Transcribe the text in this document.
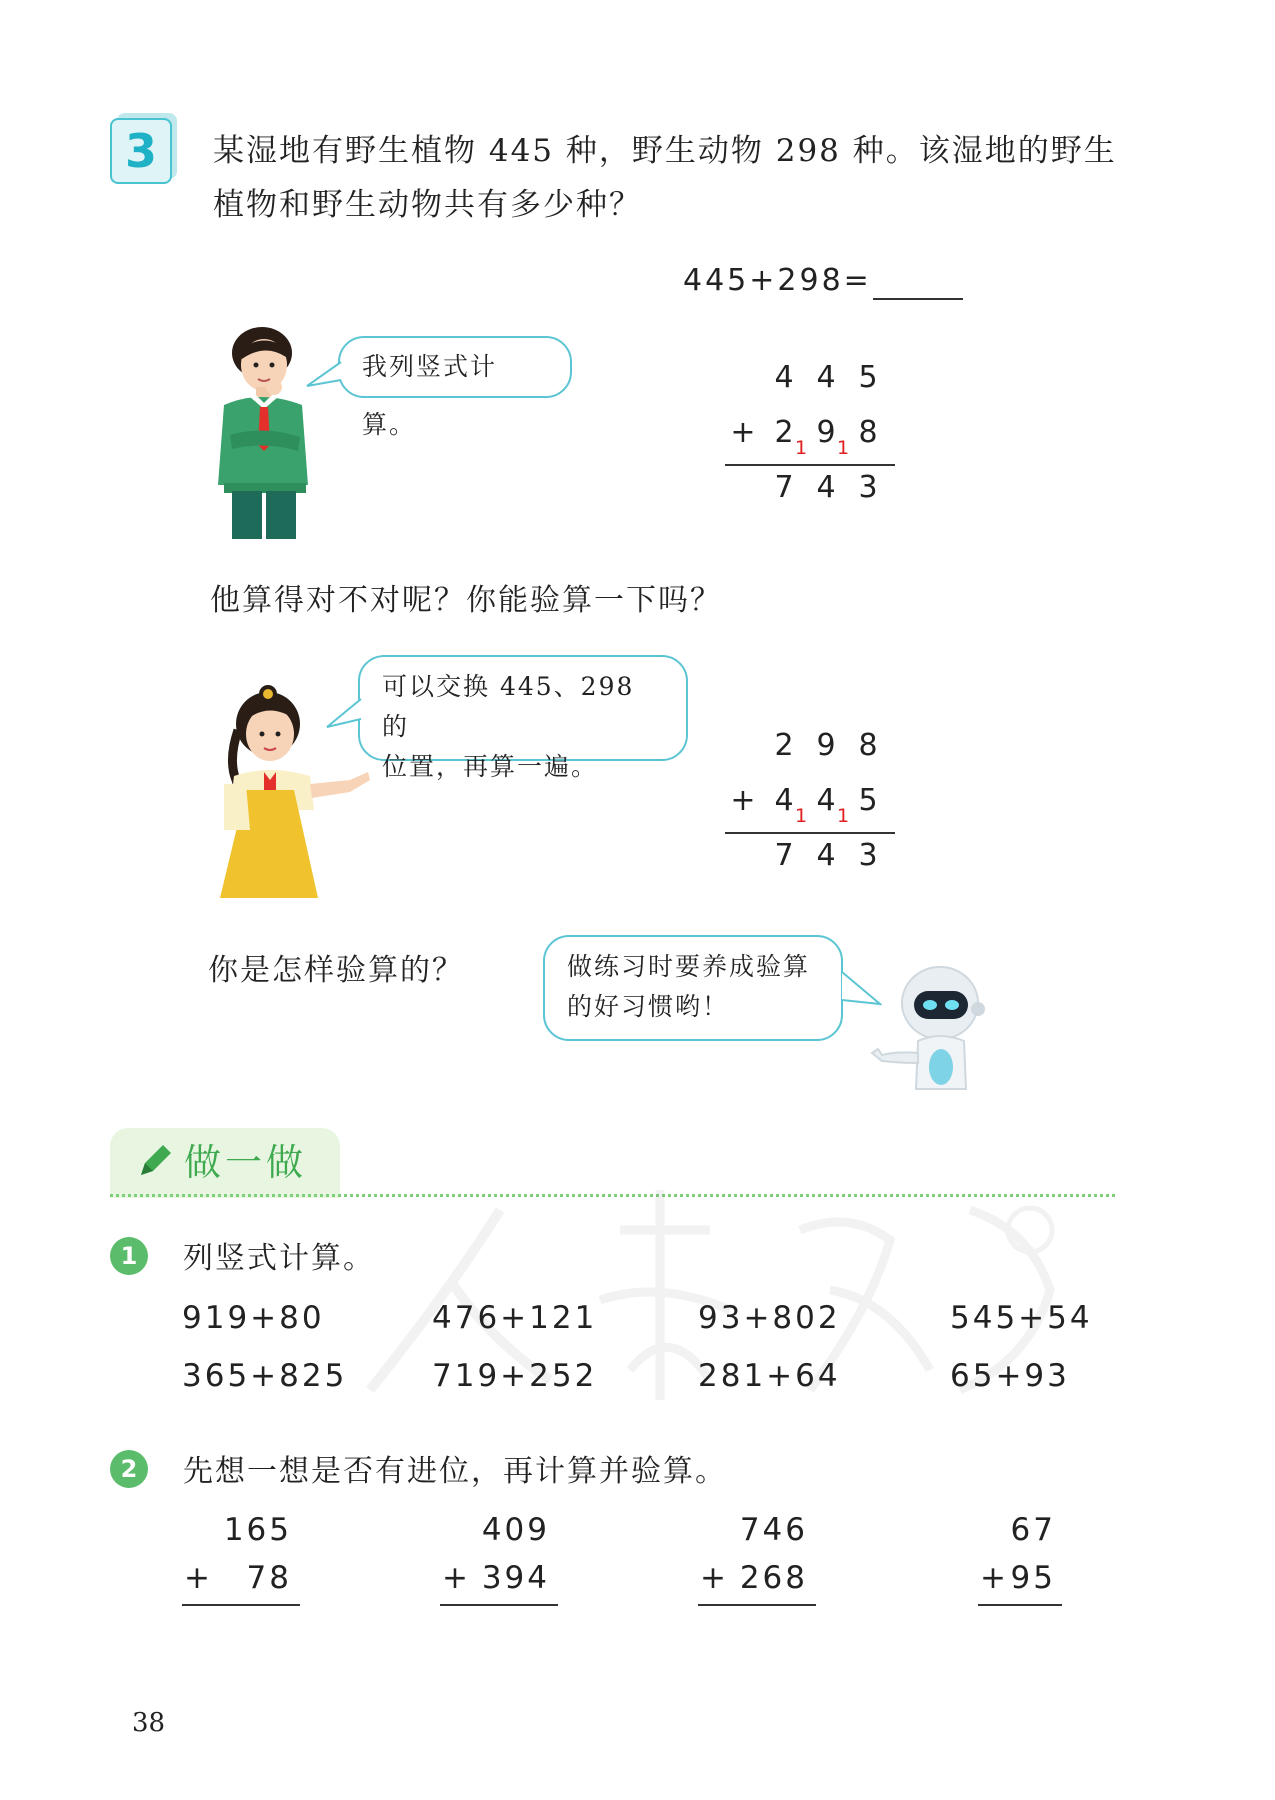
3	某湿地有野生植物 445 种，野生动物 298 种。该湿地的野生植物和野生动物共有多少种？
445+298=
我列竖式计算。
4 4 5
+ 2 9 8
1 1
7 4 3
他算得对不对呢？你能验算一下吗？
可以交换 445、298 的
位置，再算一遍。
2 9 8
+ 4 4 5
1 1
7 4 3
你是怎样验算的？	做练习时要养成验算
的好习惯哟！
做一做
1	列竖式计算。
919+80	476+121	93+802	545+54
365+825	719+252	281+64	65+93
2	先想一想是否有进位，再计算并验算。
165
+ 78
409
+ 394
746
+ 268
67
+ 95
38
